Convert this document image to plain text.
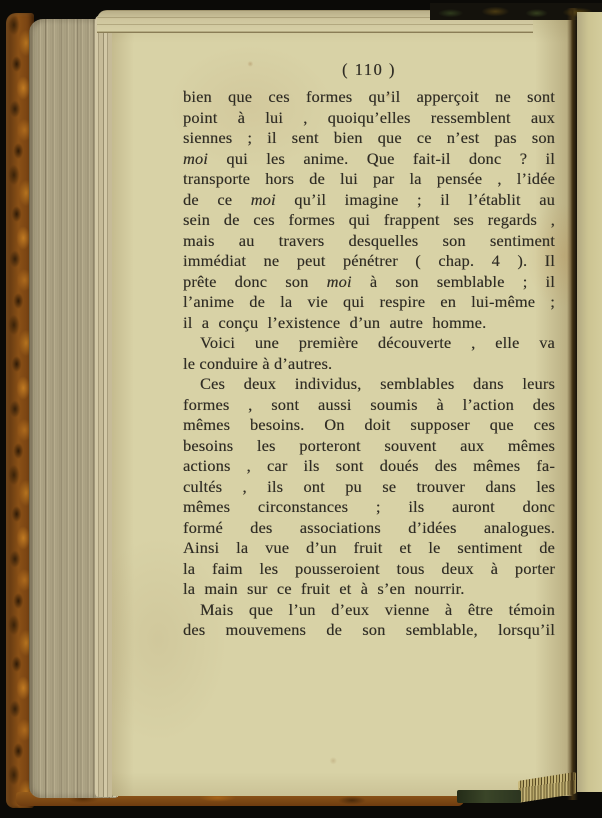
( 110 )
bien que ces formes qu’il apperçoit ne sont
point à lui , quoiqu’elles ressemblent aux
siennes ; il sent bien que ce n’est pas son
moi qui les anime. Que fait-il donc ? il
transporte hors de lui par la pensée , l’idée
de ce moi qu’il imagine ; il l’établit au
sein de ces formes qui frappent ses regards ,
mais au travers desquelles son sentiment
immédiat ne peut pénétrer ( chap. 4 ). Il
prête donc son moi à son semblable ; il
l’anime de la vie qui respire en lui-même ;
il a conçu l’existence d’un autre homme.
Voici une première découverte , elle va
le conduire à d’autres.
Ces deux individus, semblables dans leurs
formes , sont aussi soumis à l’action des
mêmes besoins. On doit supposer que ces
besoins les porteront souvent aux mêmes
actions , car ils sont doués des mêmes fa-
cultés , ils ont pu se trouver dans les
mêmes circonstances ; ils auront donc
formé des associations d’idées analogues.
Ainsi la vue d’un fruit et le sentiment de
la faim les pousseroient tous deux à porter
la main sur ce fruit et à s’en nourrir.
Mais que l’un d’eux vienne à être témoin
des mouvemens de son semblable, lorsqu’il
